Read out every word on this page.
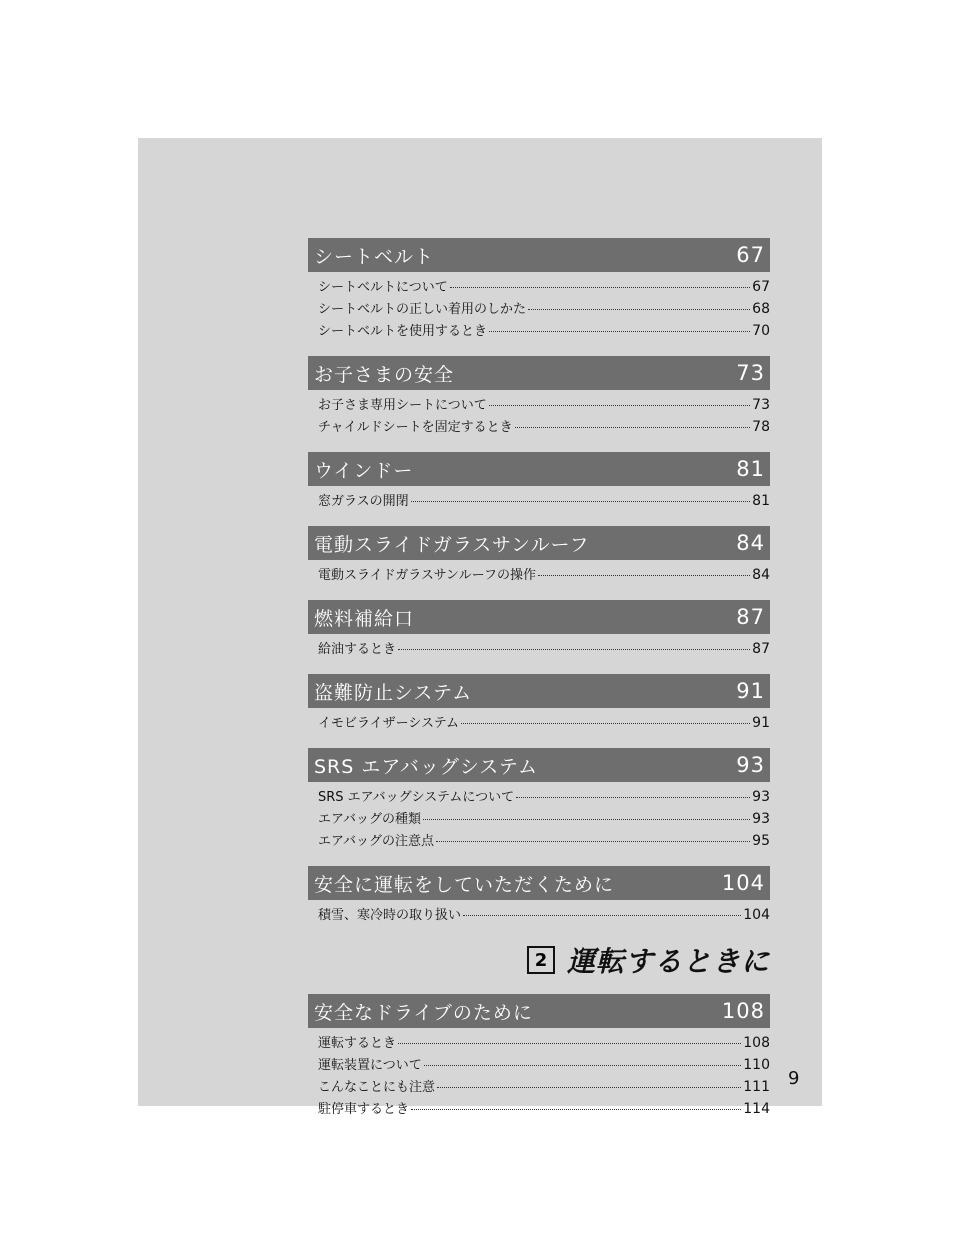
シートベルト	67
シートベルトについて	67
シートベルトの正しい着用のしかた	68
シートベルトを使用するとき	70
お子さまの安全	73
お子さま専用シートについて	73
チャイルドシートを固定するとき	78
ウインドー	81
窓ガラスの開閉	81
電動スライドガラスサンルーフ	84
電動スライドガラスサンルーフの操作	84
燃料補給口	87
給油するとき	87
盗難防止システム	91
イモビライザーシステム	91
SRS エアバッグシステム	93
SRS エアバッグシステムについて	93
エアバッグの種類	93
エアバッグの注意点	95
安全に運転をしていただくために	104
積雪、寒冷時の取り扱い	104
2 運転するときに
安全なドライブのために	108
運転するとき	108
運転装置について	110
こんなことにも注意	111
駐停車するとき	114
9
